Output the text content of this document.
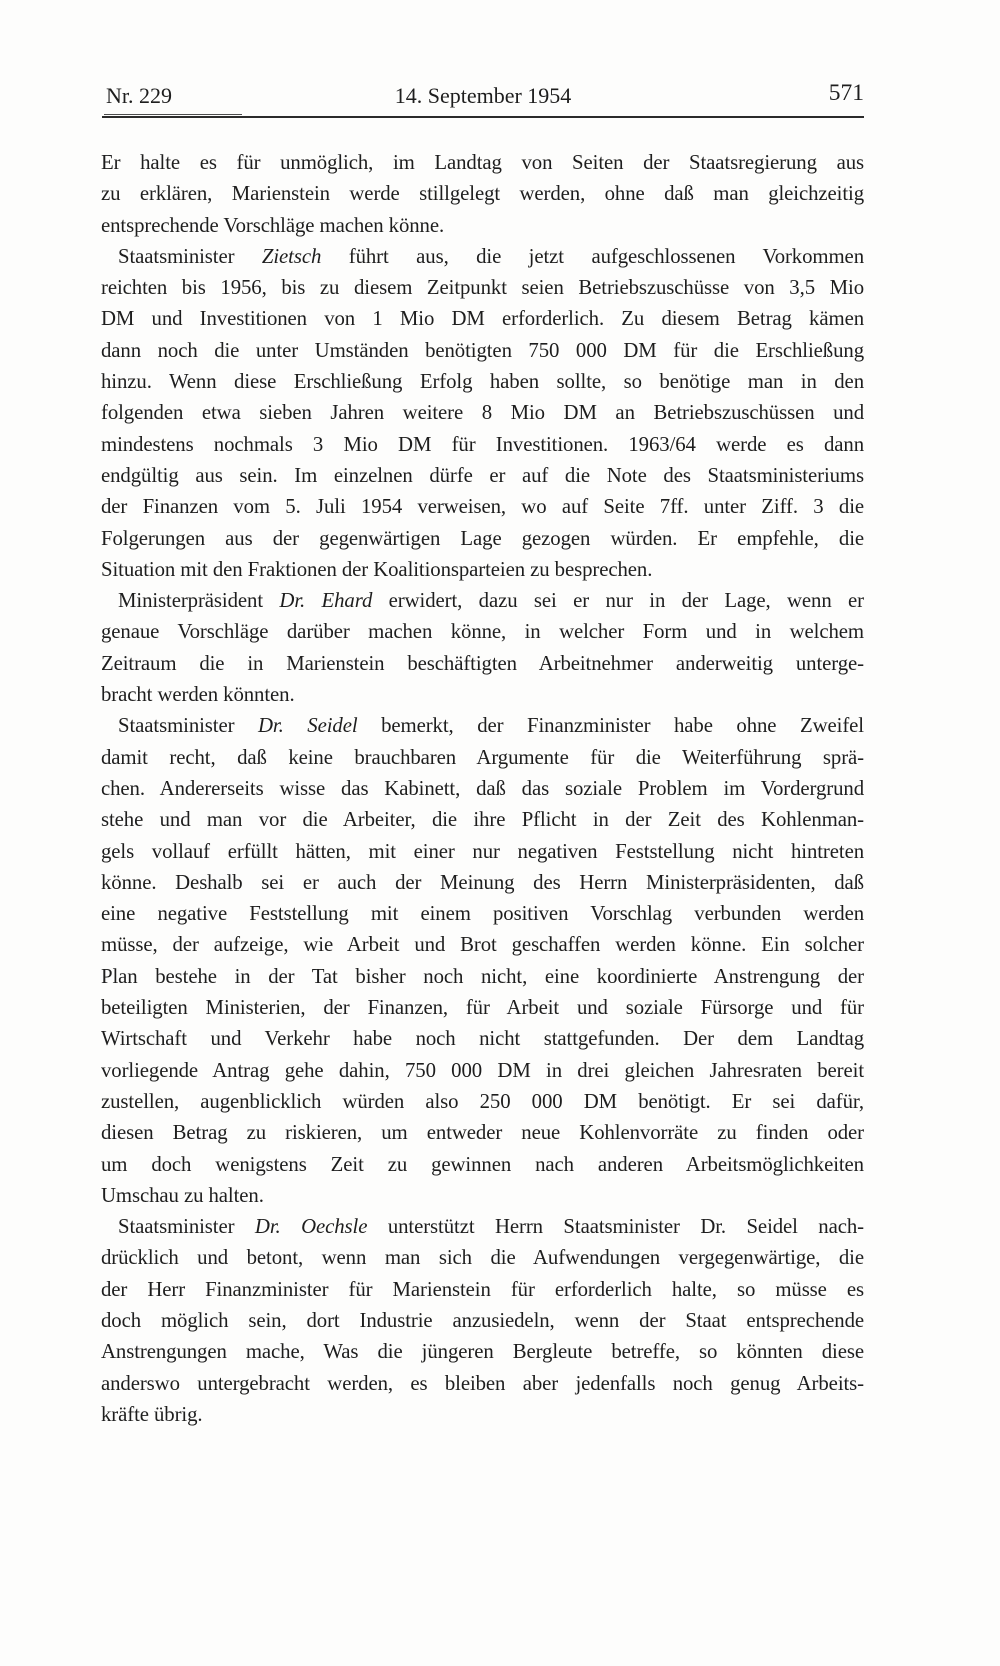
Nr. 229	14. September 1954	571
Er halte es für unmöglich, im Landtag von Seiten der Staatsregierung aus
zu erklären, Marienstein werde stillgelegt werden, ohne daß man gleichzeitig
entsprechende Vorschläge machen könne.
Staatsminister Zietsch führt aus, die jetzt aufgeschlossenen Vorkommen
reichten bis 1956, bis zu diesem Zeitpunkt seien Betriebszuschüsse von 3,5 Mio
DM und Investitionen von 1 Mio DM erforderlich. Zu diesem Betrag kämen
dann noch die unter Umständen benötigten 750 000 DM für die Erschließung
hinzu. Wenn diese Erschließung Erfolg haben sollte, so benötige man in den
folgenden etwa sieben Jahren weitere 8 Mio DM an Betriebszuschüssen und
mindestens nochmals 3 Mio DM für Investitionen. 1963/64 werde es dann
endgültig aus sein. Im einzelnen dürfe er auf die Note des Staatsministeriums
der Finanzen vom 5. Juli 1954 verweisen, wo auf Seite 7ff. unter Ziff. 3 die
Folgerungen aus der gegenwärtigen Lage gezogen würden. Er empfehle, die
Situation mit den Fraktionen der Koalitionsparteien zu besprechen.
Ministerpräsident Dr. Ehard erwidert, dazu sei er nur in der Lage, wenn er
genaue Vorschläge darüber machen könne, in welcher Form und in welchem
Zeitraum die in Marienstein beschäftigten Arbeitnehmer anderweitig unterge-
bracht werden könnten.
Staatsminister Dr. Seidel bemerkt, der Finanzminister habe ohne Zweifel
damit recht, daß keine brauchbaren Argumente für die Weiterführung sprä-
chen. Andererseits wisse das Kabinett, daß das soziale Problem im Vordergrund
stehe und man vor die Arbeiter, die ihre Pflicht in der Zeit des Kohlenman-
gels vollauf erfüllt hätten, mit einer nur negativen Feststellung nicht hintreten
könne. Deshalb sei er auch der Meinung des Herrn Ministerpräsidenten, daß
eine negative Feststellung mit einem positiven Vorschlag verbunden werden
müsse, der aufzeige, wie Arbeit und Brot geschaffen werden könne. Ein solcher
Plan bestehe in der Tat bisher noch nicht, eine koordinierte Anstrengung der
beteiligten Ministerien, der Finanzen, für Arbeit und soziale Fürsorge und für
Wirtschaft und Verkehr habe noch nicht stattgefunden. Der dem Landtag
vorliegende Antrag gehe dahin, 750 000 DM in drei gleichen Jahresraten bereit
zustellen, augenblicklich würden also 250 000 DM benötigt. Er sei dafür,
diesen Betrag zu riskieren, um entweder neue Kohlenvorräte zu finden oder
um doch wenigstens Zeit zu gewinnen nach anderen Arbeitsmöglichkeiten
Umschau zu halten.
Staatsminister Dr. Oechsle unterstützt Herrn Staatsminister Dr. Seidel nach-
drücklich und betont, wenn man sich die Aufwendungen vergegenwärtige, die
der Herr Finanzminister für Marienstein für erforderlich halte, so müsse es
doch möglich sein, dort Industrie anzusiedeln, wenn der Staat entsprechende
Anstrengungen mache, Was die jüngeren Bergleute betreffe, so könnten diese
anderswo untergebracht werden, es bleiben aber jedenfalls noch genug Arbeits-
kräfte übrig.
